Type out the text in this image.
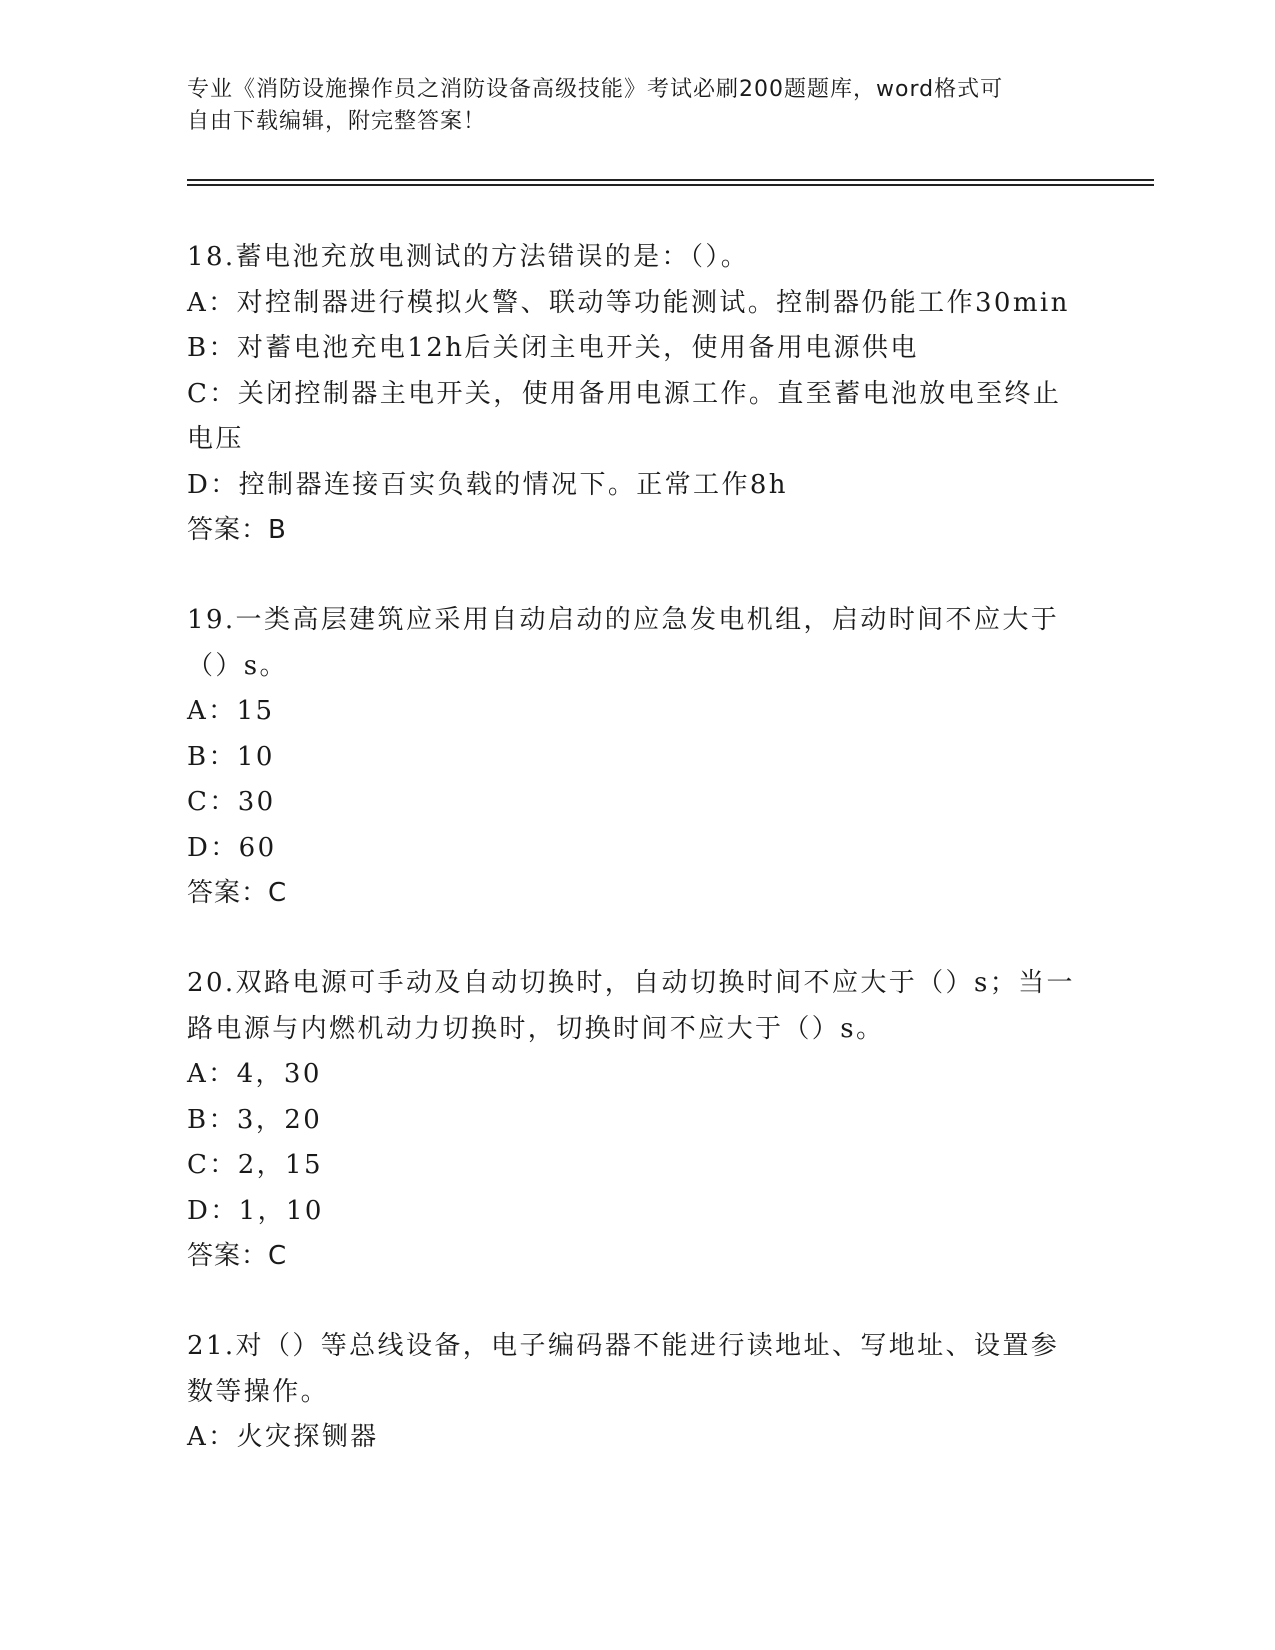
专业《消防设施操作员之消防设备高级技能》考试必刷200题题库，word格式可
自由下载编辑，附完整答案！
18.蓄电池充放电测试的方法错误的是：（）。
A：对控制器进行模拟火警、联动等功能测试。控制器仍能工作30min
B：对蓄电池充电12h后关闭主电开关，使用备用电源供电
C：关闭控制器主电开关，使用备用电源工作。直至蓄电池放电至终止电压
D：控制器连接百实负载的情况下。正常工作8h
答案：B
19.一类高层建筑应采用自动启动的应急发电机组，启动时间不应大于（）s。
A：15
B：10
C：30
D：60
答案：C
20.双路电源可手动及自动切换时，自动切换时间不应大于（）s；当一路电源与内燃机动力切换时，切换时间不应大于（）s。
A：4，30
B：3，20
C：2，15
D：1，10
答案：C
21.对（）等总线设备，电子编码器不能进行读地址、写地址、设置参数等操作。
A：火灾探铡器
